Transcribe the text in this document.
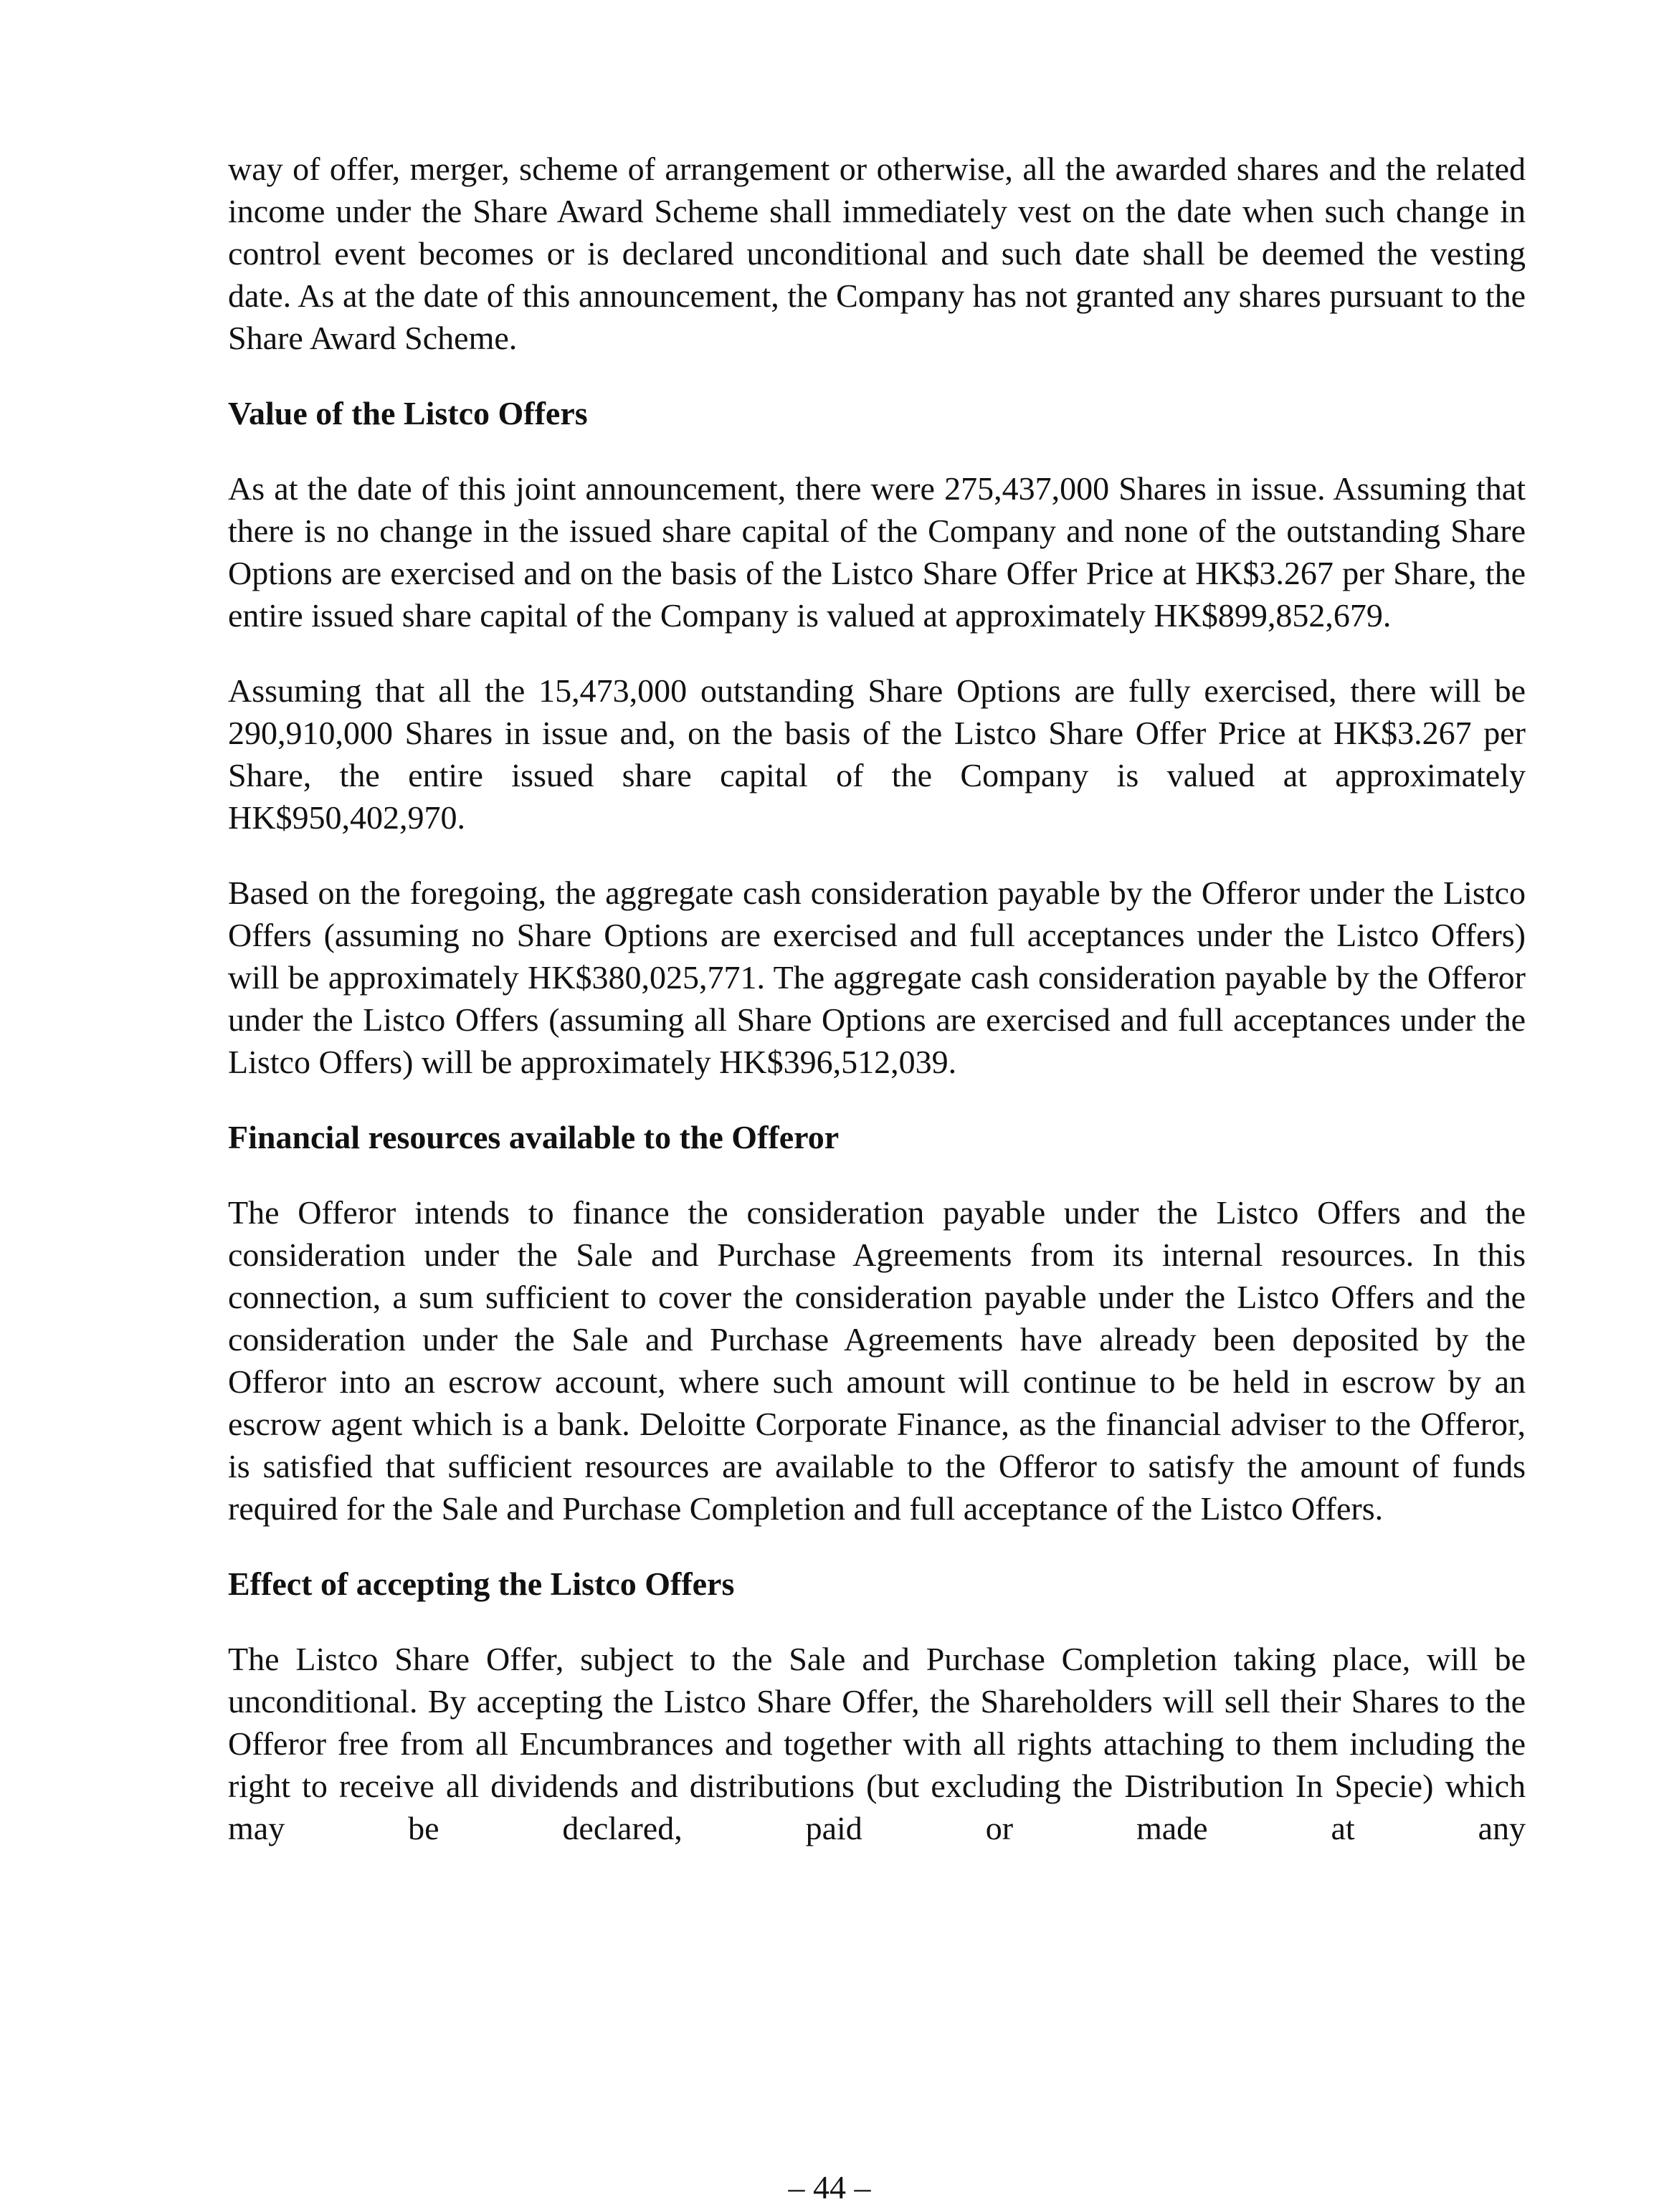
way of offer, merger, scheme of arrangement or otherwise, all the awarded shares and the related income under the Share Award Scheme shall immediately vest on the date when such change in control event becomes or is declared unconditional and such date shall be deemed the vesting date. As at the date of this announcement, the Company has not granted any shares pursuant to the Share Award Scheme.

Value of the Listco Offers

As at the date of this joint announcement, there were 275,437,000 Shares in issue. Assuming that there is no change in the issued share capital of the Company and none of the outstanding Share Options are exercised and on the basis of the Listco Share Offer Price at HK$3.267 per Share, the entire issued share capital of the Company is valued at approximately HK$899,852,679.

Assuming that all the 15,473,000 outstanding Share Options are fully exercised, there will be 290,910,000 Shares in issue and, on the basis of the Listco Share Offer Price at HK$3.267 per Share, the entire issued share capital of the Company is valued at approximately HK$950,402,970.

Based on the foregoing, the aggregate cash consideration payable by the Offeror under the Listco Offers (assuming no Share Options are exercised and full acceptances under the Listco Offers) will be approximately HK$380,025,771. The aggregate cash consideration payable by the Offeror under the Listco Offers (assuming all Share Options are exercised and full acceptances under the Listco Offers) will be approximately HK$396,512,039.

Financial resources available to the Offeror

The Offeror intends to finance the consideration payable under the Listco Offers and the consideration under the Sale and Purchase Agreements from its internal resources. In this connection, a sum sufficient to cover the consideration payable under the Listco Offers and the consideration under the Sale and Purchase Agreements have already been deposited by the Offeror into an escrow account, where such amount will continue to be held in escrow by an escrow agent which is a bank. Deloitte Corporate Finance, as the financial adviser to the Offeror, is satisfied that sufficient resources are available to the Offeror to satisfy the amount of funds required for the Sale and Purchase Completion and full acceptance of the Listco Offers.

Effect of accepting the Listco Offers

The Listco Share Offer, subject to the Sale and Purchase Completion taking place, will be unconditional. By accepting the Listco Share Offer, the Shareholders will sell their Shares to the Offeror free from all Encumbrances and together with all rights attaching to them including the right to receive all dividends and distributions (but excluding the Distribution In Specie) which may be declared, paid or made at any

– 44 –
